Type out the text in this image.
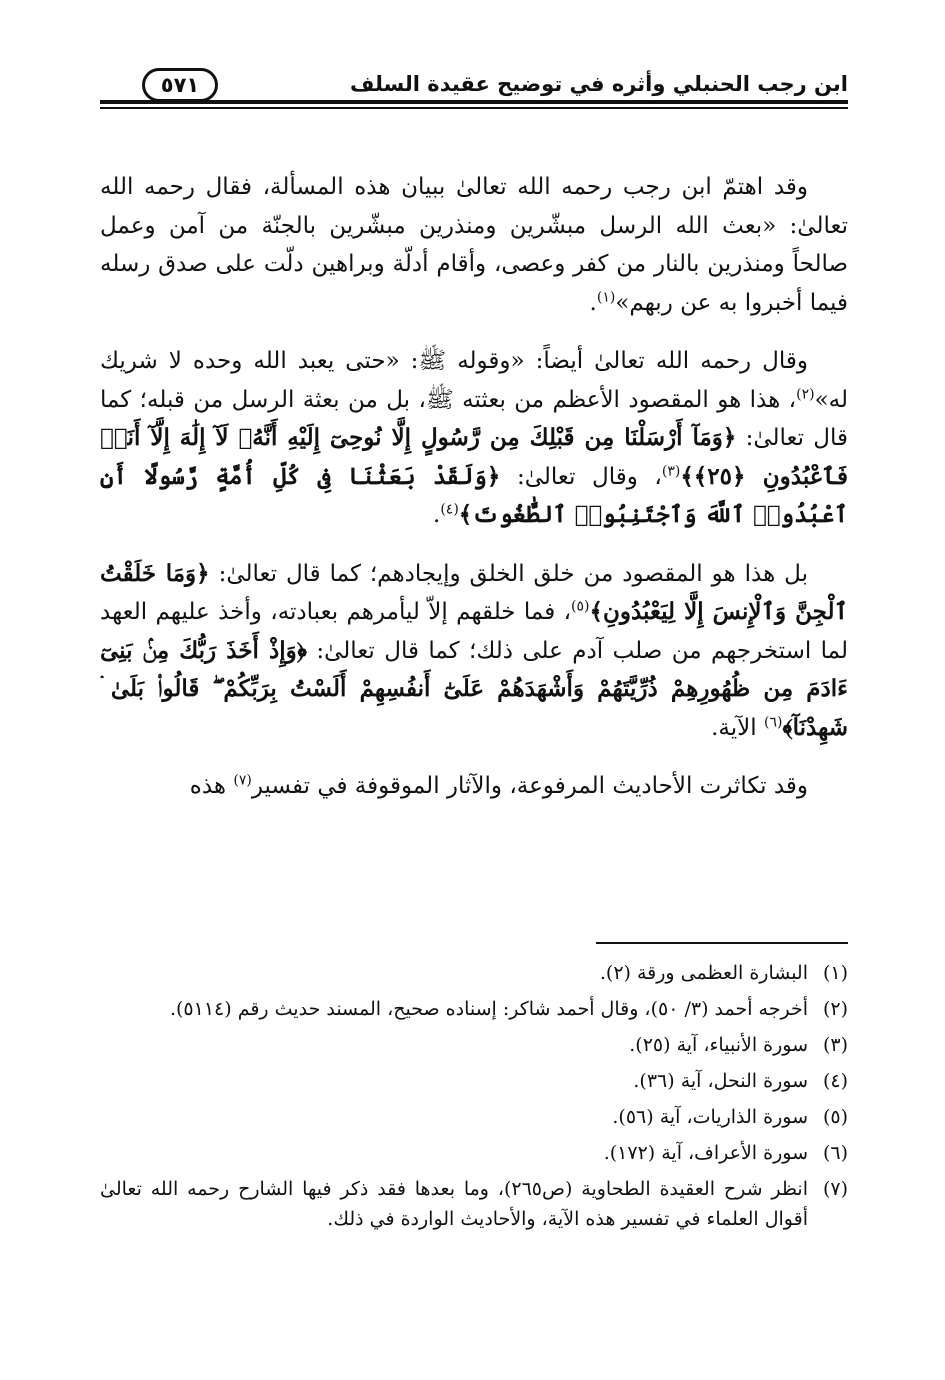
ابن رجب الحنبلي وأثره في توضيح عقيدة السلف
٥٧١

وقد اهتمّ ابن رجب رحمه الله تعالىٰ ببيان هذه المسألة، فقال رحمه الله تعالىٰ: «بعث الله الرسل مبشّرين ومنذرين مبشّرين بالجنّة من آمن وعمل صالحاً ومنذرين بالنار من كفر وعصى، وأقام أدلّة وبراهين دلّت على صدق رسله فيما أخبروا به عن ربهم»$^{(١)}$.

وقال رحمه الله تعالىٰ أيضاً: «وقوله ﷺ: «حتى يعبد الله وحده لا شريك له»$^{(٢)}$، هذا هو المقصود الأعظم من بعثته ﷺ، بل من بعثة الرسل من قبله؛ كما قال تعالىٰ: ﴿وَمَآ أَرْسَلْنَا مِن قَبْلِكَ مِن رَّسُولٍ إِلَّا نُوحِىٓ إِلَيْهِ أَنَّهُۥ لَآ إِلَٰهَ إِلَّآ أَنَا۠ فَٱعْبُدُونِ ﴿٢٥﴾﴾$^{(٣)}$، وقال تعالىٰ: ﴿وَلَقَدْ بَعَثْنَا فِى كُلِّ أُمَّةٍ رَّسُولًا أَنِ ٱعْبُدُوا۟ ٱللَّهَ وَٱجْتَنِبُوا۟ ٱلطَّٰغُوتَ﴾$^{(٤)}$.

بل هذا هو المقصود من خلق الخلق وإيجادهم؛ كما قال تعالىٰ: ﴿وَمَا خَلَقْتُ ٱلْجِنَّ وَٱلْإِنسَ إِلَّا لِيَعْبُدُونِ﴾$^{(٥)}$، فما خلقهم إلاّ ليأمرهم بعبادته، وأخذ عليهم العهد لما استخرجهم من صلب آدم على ذلك؛ كما قال تعالىٰ: ﴿وَإِذْ أَخَذَ رَبُّكَ مِنۢ بَنِىٓ ءَادَمَ مِن ظُهُورِهِمْ ذُرِّيَّتَهُمْ وَأَشْهَدَهُمْ عَلَىٰٓ أَنفُسِهِمْ أَلَسْتُ بِرَبِّكُمْ ۖ قَالُوا۟ بَلَىٰ ۛ شَهِدْنَآ﴾$^{(٦)}$ الآية.

وقد تكاثرت الأحاديث المرفوعة، والآثار الموقوفة في تفسير$^{(٧)}$ هذه

(١)
البشارة العظمى ورقة (٢).
(٢)
أخرجه أحمد (٣/ ٥٠)، وقال أحمد شاكر: إسناده صحيح، المسند حديث رقم (٥١١٤).
(٣)
سورة الأنبياء، آية (٢٥).
(٤)
سورة النحل، آية (٣٦).
(٥)
سورة الذاريات، آية (٥٦).
(٦)
سورة الأعراف، آية (١٧٢).
(٧)
انظر شرح العقيدة الطحاوية (ص٢٦٥)، وما بعدها فقد ذكر فيها الشارح رحمه الله تعالىٰ أقوال العلماء في تفسير هذه الآية، والأحاديث الواردة في ذلك.
